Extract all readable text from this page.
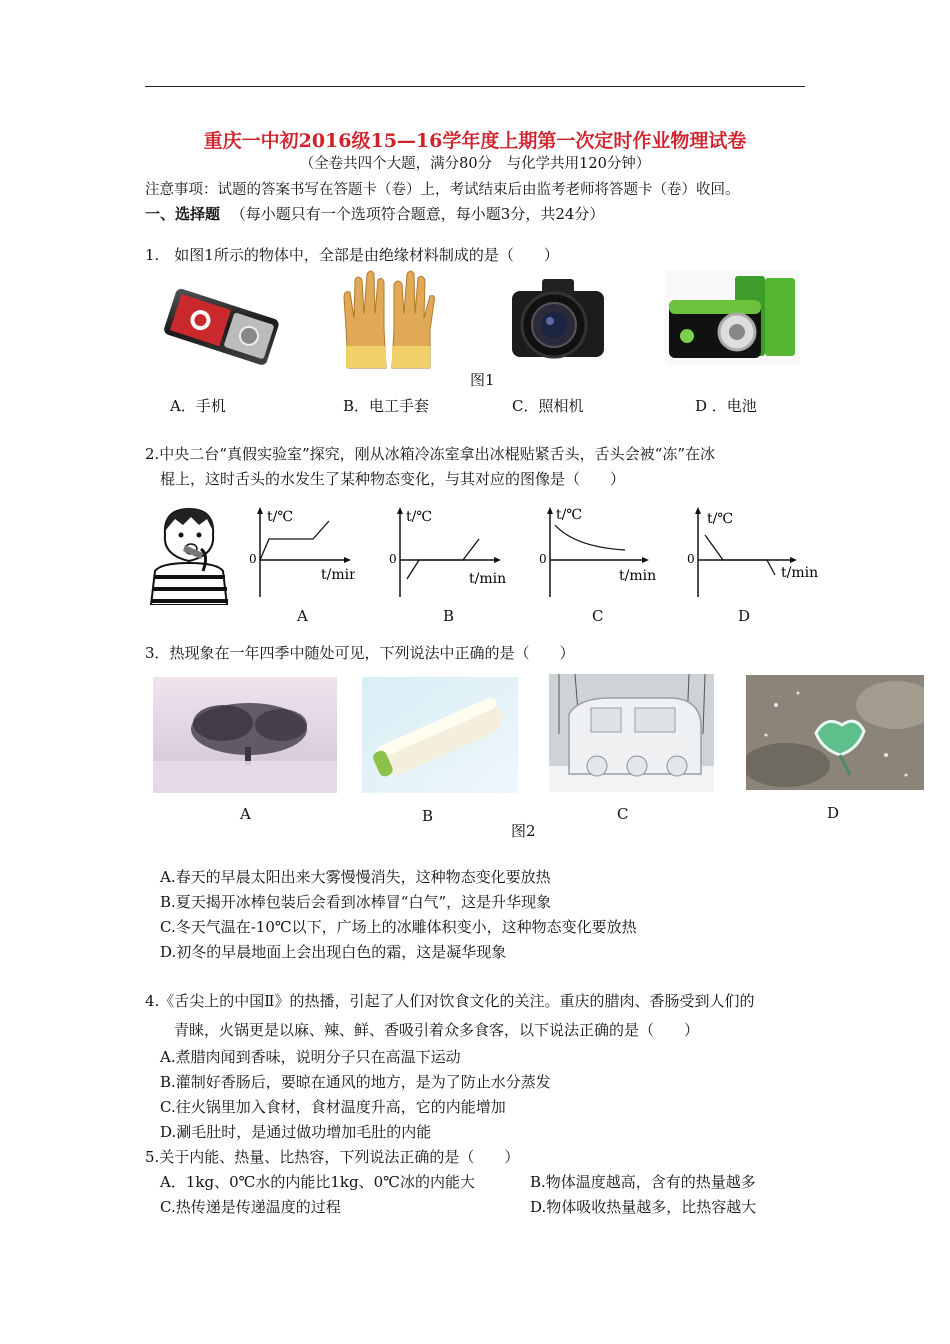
重庆一中初2016级15—16学年度上期第一次定时作业物理试卷
（全卷共四个大题，满分80分　与化学共用120分钟）
注意事项：试题的答案书写在答题卡（卷）上，考试结束后由监考老师将答题卡（卷）收回。
一、选择题 （每小题只有一个选项符合题意，每小题3分，共24分）
1.　如图1所示的物体中，全部是由绝缘材料制成的是（　　）
图1
A．手机	B．电工手套	C．照相机	D ．电池
2.中央二台“真假实验室”探究，刚从冰箱冷冻室拿出冰棍贴紧舌头，舌头会被“冻”在冰
棍上，这时舌头的水发生了某种物态变化，与其对应的图像是（　　）
0
t/℃
t/min
A
0
t/℃
t/min
B
0
t/℃
t/min
C
0
t/℃
t/min
D
3．热现象在一年四季中随处可见，下列说法中正确的是（　　）
A	B	C	D
图2
A.春天的早晨太阳出来大雾慢慢消失，这种物态变化要放热
B.夏天揭开冰棒包装后会看到冰棒冒“白气”，这是升华现象
C.冬天气温在-10℃以下，广场上的冰雕体积变小，这种物态变化要放热
D.初冬的早晨地面上会出现白色的霜，这是凝华现象
4.《舌尖上的中国Ⅱ》的热播，引起了人们对饮食文化的关注。重庆的腊肉、香肠受到人们的
青睐，火锅更是以麻、辣、鲜、香吸引着众多食客，以下说法正确的是（　　）
A.煮腊肉闻到香味，说明分子只在高温下运动
B.灌制好香肠后，要晾在通风的地方，是为了防止水分蒸发
C.往火锅里加入食材，食材温度升高，它的内能增加
D.涮毛肚时，是通过做功增加毛肚的内能
5.关于内能、热量、比热容，下列说法正确的是（　　）
A．1kg、0℃水的内能比1kg、0℃冰的内能大	B.物体温度越高，含有的热量越多
C.热传递是传递温度的过程	D.物体吸收热量越多，比热容越大
